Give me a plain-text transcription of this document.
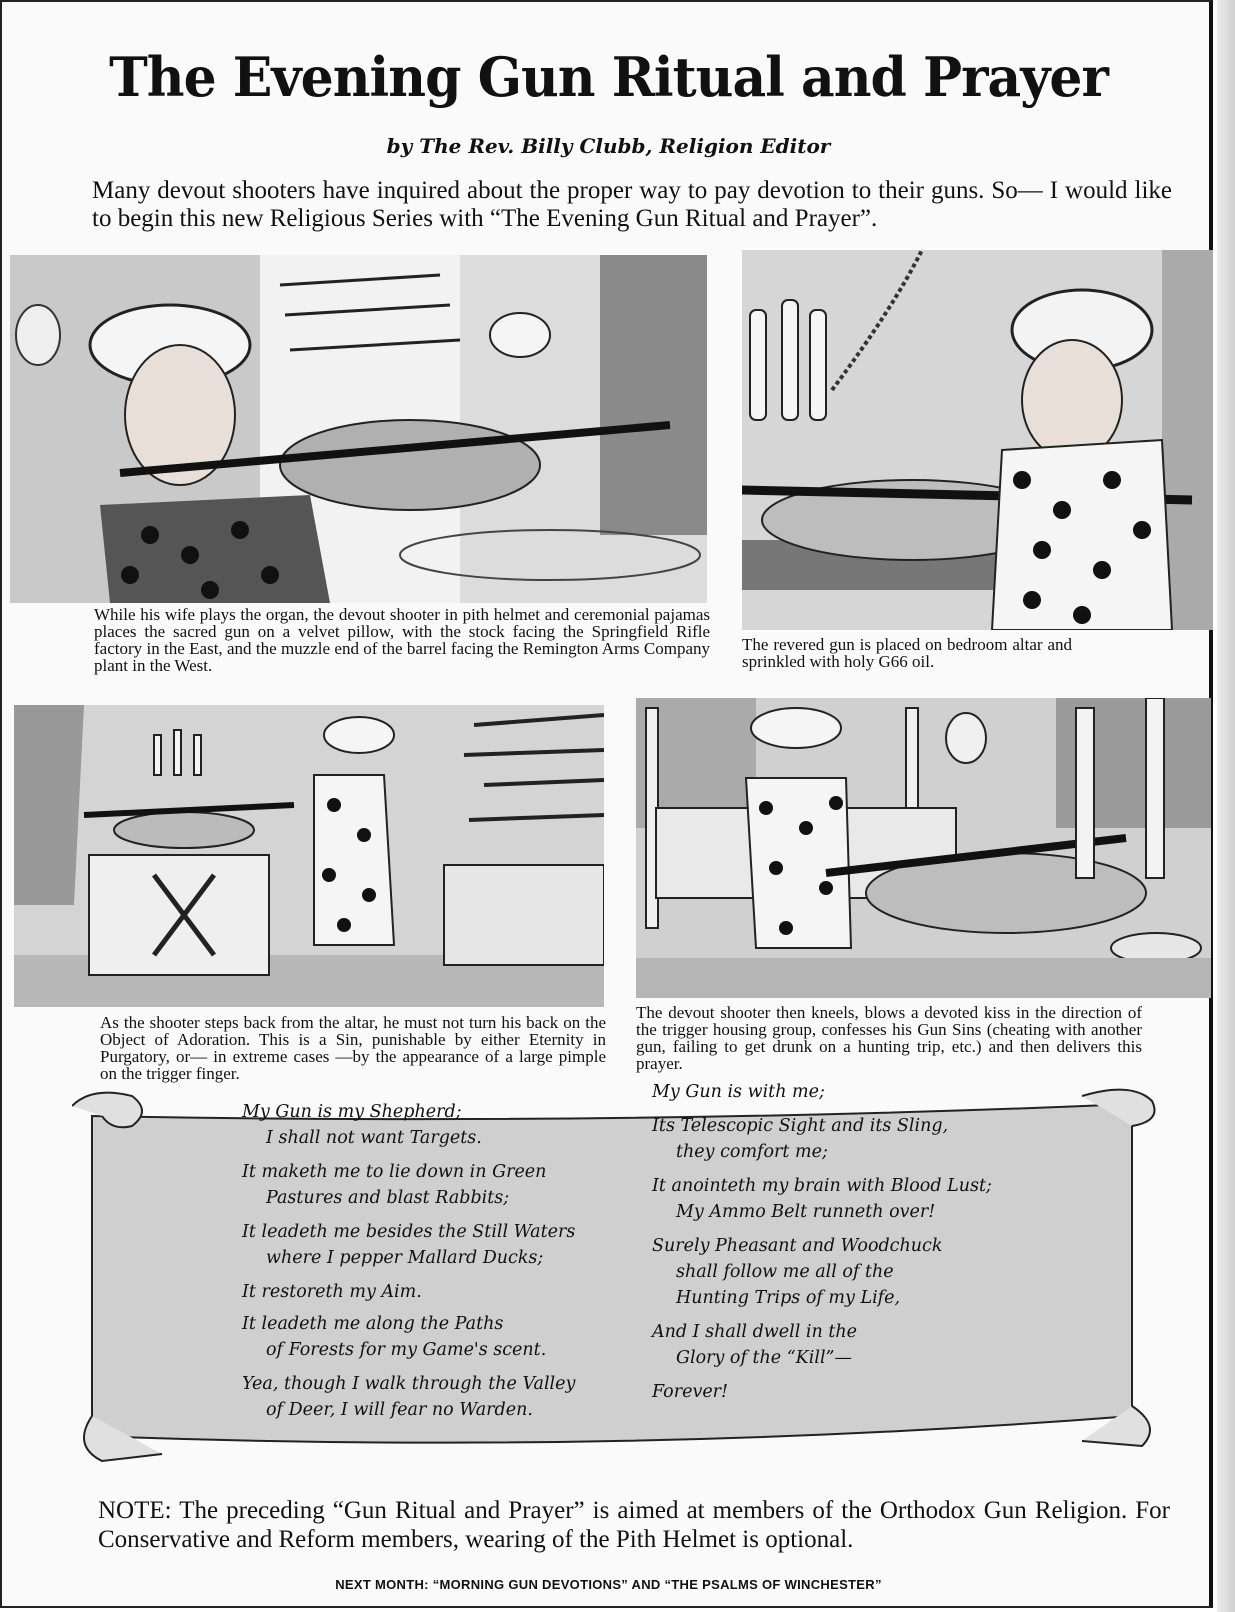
The Evening Gun Ritual and Prayer
by The Rev. Billy Clubb, Religion Editor
Many devout shooters have inquired about the proper way to pay devotion to their guns. So— I would like to begin this new Religious Series with “The Evening Gun Ritual and Prayer”.
While his wife plays the organ, the devout shooter in pith helmet and ceremonial pajamas places the sacred gun on a velvet pillow, with the stock facing the Springfield Rifle factory in the East, and the muzzle end of the barrel facing the Remington Arms Company plant in the West.
The revered gun is placed on bedroom altar and sprinkled with holy G66 oil.
As the shooter steps back from the altar, he must not turn his back on the Object of Adoration. This is a Sin, punishable by either Eternity in Purgatory, or— in extreme cases —by the appearance of a large pimple on the trigger finger.
The devout shooter then kneels, blows a devoted kiss in the direction of the trigger housing group, confesses his Gun Sins (cheating with another gun, failing to get drunk on a hunting trip, etc.) and then delivers this prayer.
My Gun is my Shepherd;
I shall not want Targets.
It maketh me to lie down in Green
Pastures and blast Rabbits;
It leadeth me besides the Still Waters
where I pepper Mallard Ducks;
It restoreth my Aim.
It leadeth me along the Paths
of Forests for my Game's scent.
Yea, though I walk through the Valley
of Deer, I will fear no Warden.
My Gun is with me;
Its Telescopic Sight and its Sling,
they comfort me;
It anointeth my brain with Blood Lust;
My Ammo Belt runneth over!
Surely Pheasant and Woodchuck
shall follow me all of the
Hunting Trips of my Life,
And I shall dwell in the
Glory of the “Kill”—
Forever!
NOTE: The preceding “Gun Ritual and Prayer” is aimed at members of the Orthodox Gun Religion. For Conservative and Reform members, wearing of the Pith Helmet is optional.
NEXT MONTH: “MORNING GUN DEVOTIONS” AND “THE PSALMS OF WINCHESTER”
